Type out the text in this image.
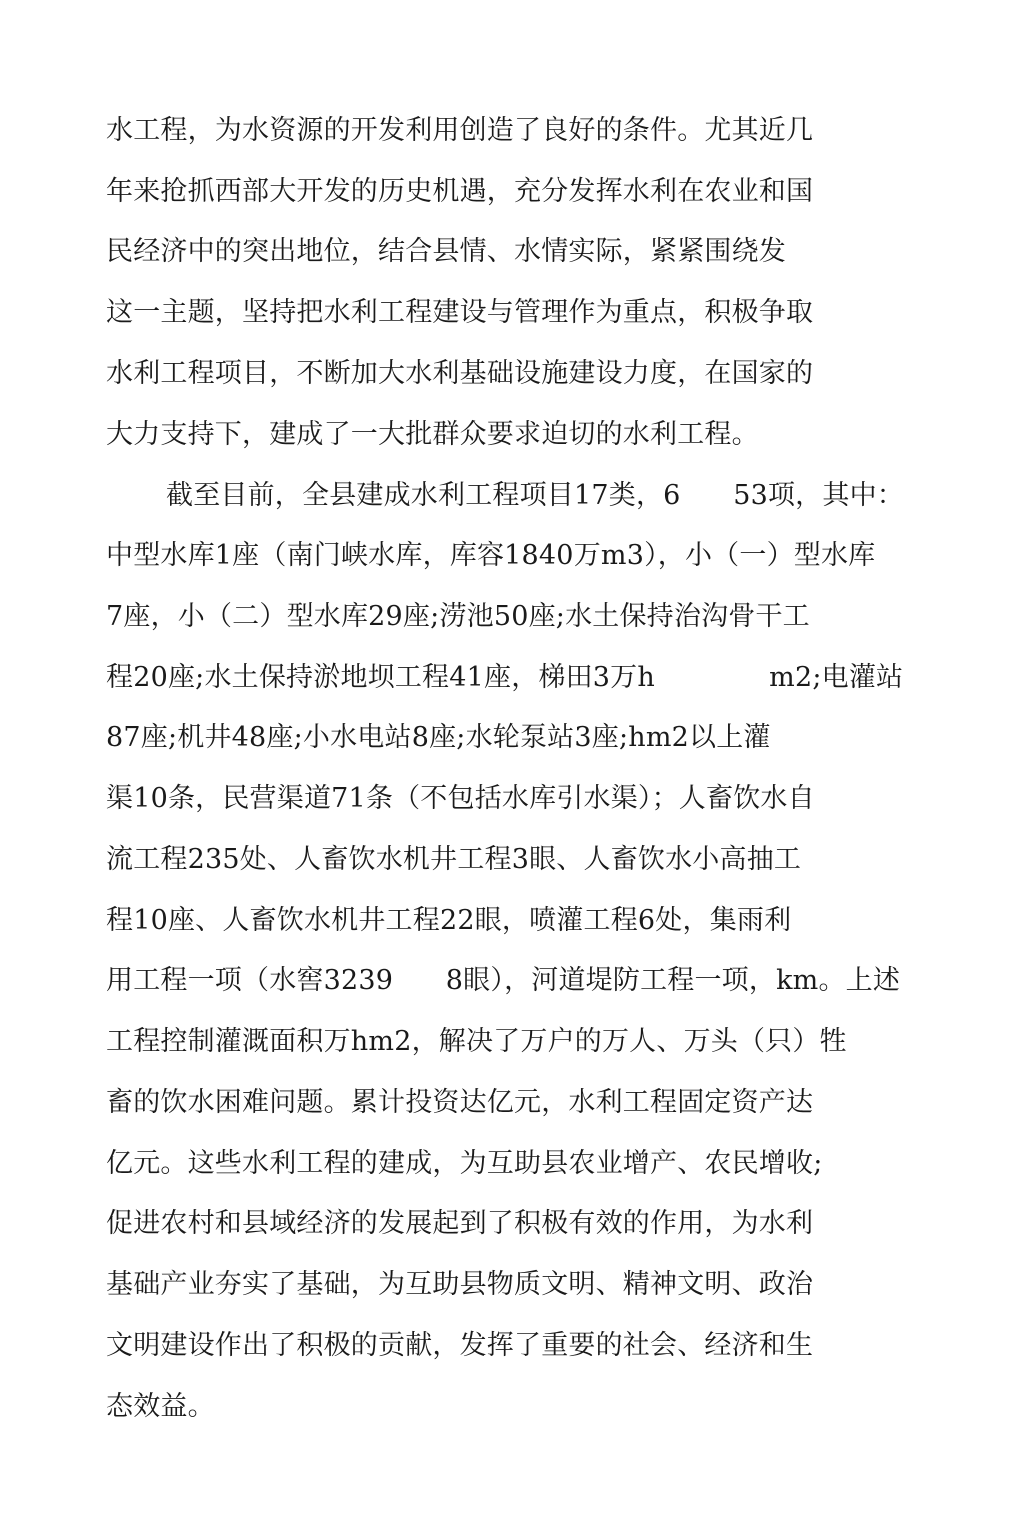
水工程，为水资源的开发利用创造了良好的条件。尤其近几
年来抢抓西部大开发的历史机遇，充分发挥水利在农业和国
民经济中的突出地位，结合县情、水情实际，紧紧围绕发
这一主题，坚持把水利工程建设与管理作为重点，积极争取
水利工程项目，不断加大水利基础设施建设力度，在国家的
大力支持下，建成了一大批群众要求迫切的水利工程。
截至目前，全县建成水利工程项目17类，6      53项，其中：
中型水库1座（南门峡水库，库容1840万m3），小（一）型水库
7座，小（二）型水库29座;涝池50座;水土保持治沟骨干工
程20座;水土保持淤地坝工程41座，梯田3万h             m2;电灌站
87座;机井48座;小水电站8座;水轮泵站3座;hm2以上灌
渠10条，民营渠道71条（不包括水库引水渠）；人畜饮水自
流工程235处、人畜饮水机井工程3眼、人畜饮水小高抽工
程10座、人畜饮水机井工程22眼，喷灌工程6处，集雨利
用工程一项（水窖3239      8眼），河道堤防工程一项，km。上述
工程控制灌溉面积万hm2，解决了万户的万人、万头（只）牲
畜的饮水困难问题。累计投资达亿元，水利工程固定资产达
亿元。这些水利工程的建成，为互助县农业增产、农民增收;
促进农村和县域经济的发展起到了积极有效的作用，为水利
基础产业夯实了基础，为互助县物质文明、精神文明、政治
文明建设作出了积极的贡献，发挥了重要的社会、经济和生
态效益。
